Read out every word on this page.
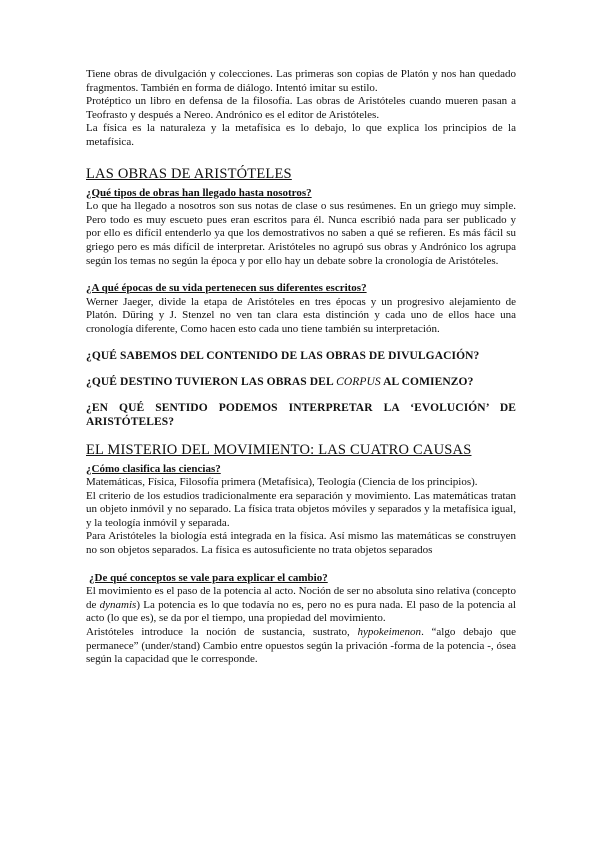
Tiene obras de divulgación y colecciones. Las primeras son copias de Platón y nos han quedado fragmentos. También en forma de diálogo. Intentó imitar su estilo.

Protéptico un libro en defensa de la filosofía. Las obras de Aristóteles cuando mueren pasan a Teofrasto y después a Nereo. Andrónico es el editor de Aristóteles.

La física es la naturaleza y la metafísica es lo debajo, lo que explica los principios de la metafísica.

LAS OBRAS DE ARISTÓTELES

¿Qué tipos de obras han llegado hasta nosotros?

Lo que ha llegado a nosotros son sus notas de clase o sus resúmenes. En un griego muy simple. Pero todo es muy escueto pues eran escritos para él. Nunca escribió nada para ser publicado y por ello es difícil entenderlo ya que los demostrativos no saben a qué se refieren. Es más fácil su griego pero es más difícil de interpretar. Aristóteles no agrupó sus obras y Andrónico los agrupa según los temas no según la época y por ello hay un debate sobre la cronología de Aristóteles.

¿A qué épocas de su vida pertenecen sus diferentes escritos?

Werner Jaeger, divide la etapa de Aristóteles en tres épocas y un progresivo alejamiento de Platón. Düring y J. Stenzel no ven tan clara esta distinción y cada uno de ellos hace una cronología diferente, Como hacen esto cada uno tiene también su interpretación.

¿QUÉ SABEMOS DEL CONTENIDO DE LAS OBRAS DE DIVULGACIÓN?

¿QUÉ DESTINO TUVIERON LAS OBRAS DEL CORPUS AL COMIENZO?

¿EN QUÉ SENTIDO PODEMOS INTERPRETAR LA ‘EVOLUCIÓN’ DE ARISTÓTELES?

EL MISTERIO DEL MOVIMIENTO: LAS CUATRO CAUSAS

¿Cómo clasifica las ciencias?

Matemáticas, Física, Filosofía primera (Metafísica), Teología (Ciencia de los principios).

El criterio de los estudios tradicionalmente era separación y movimiento. Las matemáticas tratan un objeto inmóvil y no separado. La física trata objetos móviles y separados y la metafísica igual, y la teología inmóvil y separada.

Para Aristóteles la biología está integrada en la física. Así mismo las matemáticas se construyen no son objetos separados. La física es autosuficiente no trata objetos separados

¿De qué conceptos se vale para explicar el cambio?

El movimiento es el paso de la potencia al acto. Noción de ser no absoluta sino relativa (concepto de dynamis) La potencia es lo que todavía no es, pero no es pura nada. El paso de la potencia al acto (lo que es), se da por el tiempo, una propiedad del movimiento.

Aristóteles introduce la noción de sustancia, sustrato, hypokeimenon. “algo debajo que permanece” (under/stand) Cambio entre opuestos según la privación -forma de la potencia -, ósea según la capacidad que le corresponde.
